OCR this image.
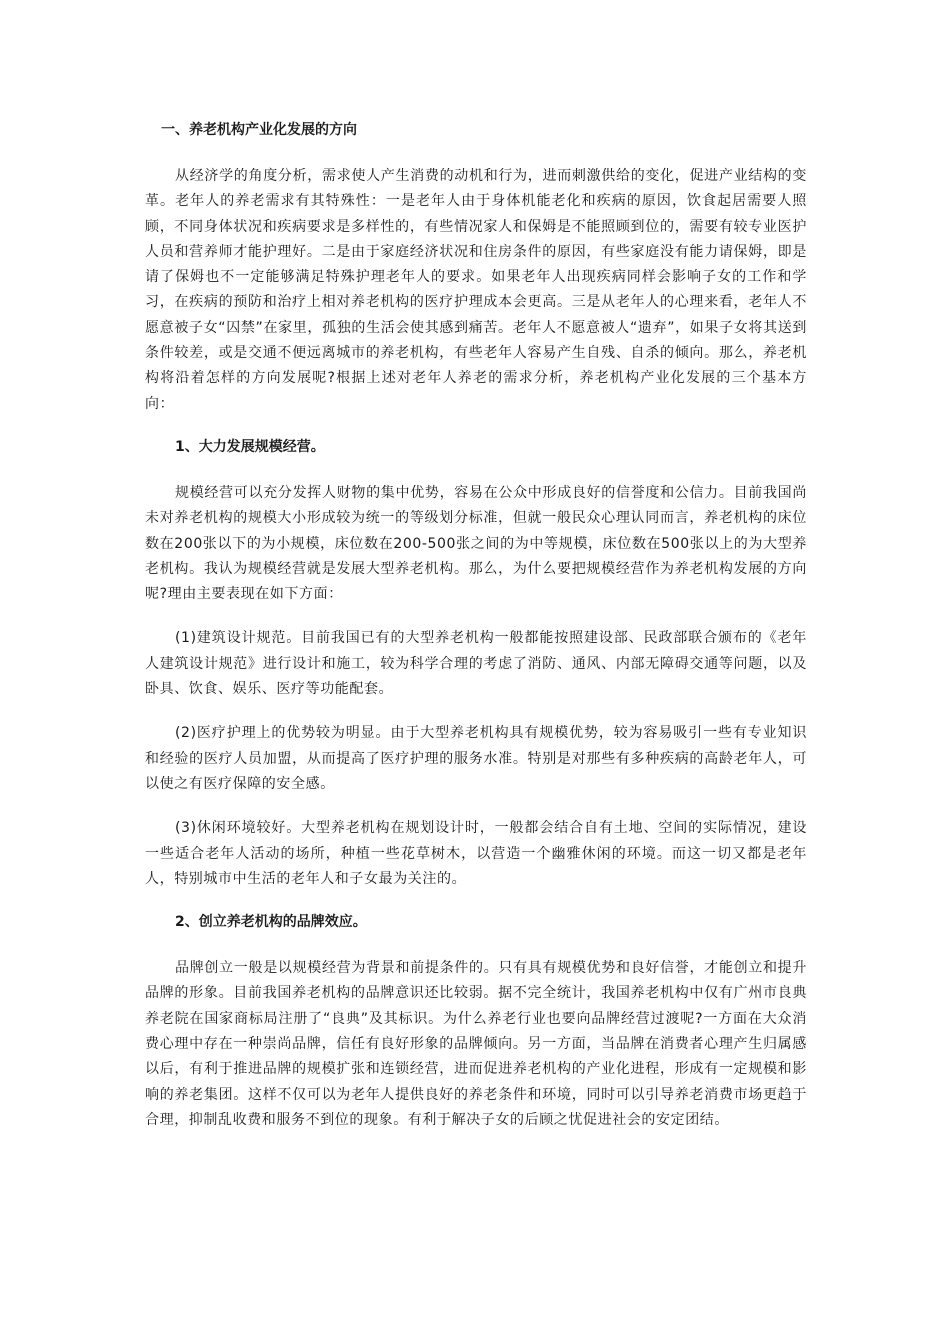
一、养老机构产业化发展的方向

从经济学的角度分析，需求使人产生消费的动机和行为，进而刺激供给的变化，促进产业结构的变革。老年人的养老需求有其特殊性：一是老年人由于身体机能老化和疾病的原因，饮食起居需要人照顾，不同身体状况和疾病要求是多样性的，有些情况家人和保姆是不能照顾到位的，需要有较专业医护人员和营养师才能护理好。二是由于家庭经济状况和住房条件的原因，有些家庭没有能力请保姆，即是请了保姆也不一定能够满足特殊护理老年人的要求。如果老年人出现疾病同样会影响子女的工作和学习，在疾病的预防和治疗上相对养老机构的医疗护理成本会更高。三是从老年人的心理来看，老年人不愿意被子女“囚禁”在家里，孤独的生活会使其感到痛苦。老年人不愿意被人“遗弃”，如果子女将其送到条件较差，或是交通不便远离城市的养老机构，有些老年人容易产生自残、自杀的倾向。那么，养老机构将沿着怎样的方向发展呢?根据上述对老年人养老的需求分析，养老机构产业化发展的三个基本方向：

1、大力发展规模经营。

规模经营可以充分发挥人财物的集中优势，容易在公众中形成良好的信誉度和公信力。目前我国尚未对养老机构的规模大小形成较为统一的等级划分标准，但就一般民众心理认同而言，养老机构的床位数在200张以下的为小规模，床位数在200-500张之间的为中等规模，床位数在500张以上的为大型养老机构。我认为规模经营就是发展大型养老机构。那么，为什么要把规模经营作为养老机构发展的方向呢?理由主要表现在如下方面：

(1)建筑设计规范。目前我国已有的大型养老机构一般都能按照建设部、民政部联合颁布的《老年人建筑设计规范》进行设计和施工，较为科学合理的考虑了消防、通风、内部无障碍交通等问题，以及卧具、饮食、娱乐、医疗等功能配套。

(2)医疗护理上的优势较为明显。由于大型养老机构具有规模优势，较为容易吸引一些有专业知识和经验的医疗人员加盟，从而提高了医疗护理的服务水准。特别是对那些有多种疾病的高龄老年人，可以使之有医疗保障的安全感。

(3)休闲环境较好。大型养老机构在规划设计时，一般都会结合自有土地、空间的实际情况，建设一些适合老年人活动的场所，种植一些花草树木，以营造一个幽雅休闲的环境。而这一切又都是老年人，特别城市中生活的老年人和子女最为关注的。

2、创立养老机构的品牌效应。

品牌创立一般是以规模经营为背景和前提条件的。只有具有规模优势和良好信誉，才能创立和提升品牌的形象。目前我国养老机构的品牌意识还比较弱。据不完全统计，我国养老机构中仅有广州市良典养老院在国家商标局注册了“良典”及其标识。为什么养老行业也要向品牌经营过渡呢?一方面在大众消费心理中存在一种崇尚品牌，信任有良好形象的品牌倾向。另一方面，当品牌在消费者心理产生归属感以后，有利于推进品牌的规模扩张和连锁经营，进而促进养老机构的产业化进程，形成有一定规模和影响的养老集团。这样不仅可以为老年人提供良好的养老条件和环境，同时可以引导养老消费市场更趋于合理，抑制乱收费和服务不到位的现象。有利于解决子女的后顾之忧促进社会的安定团结。
